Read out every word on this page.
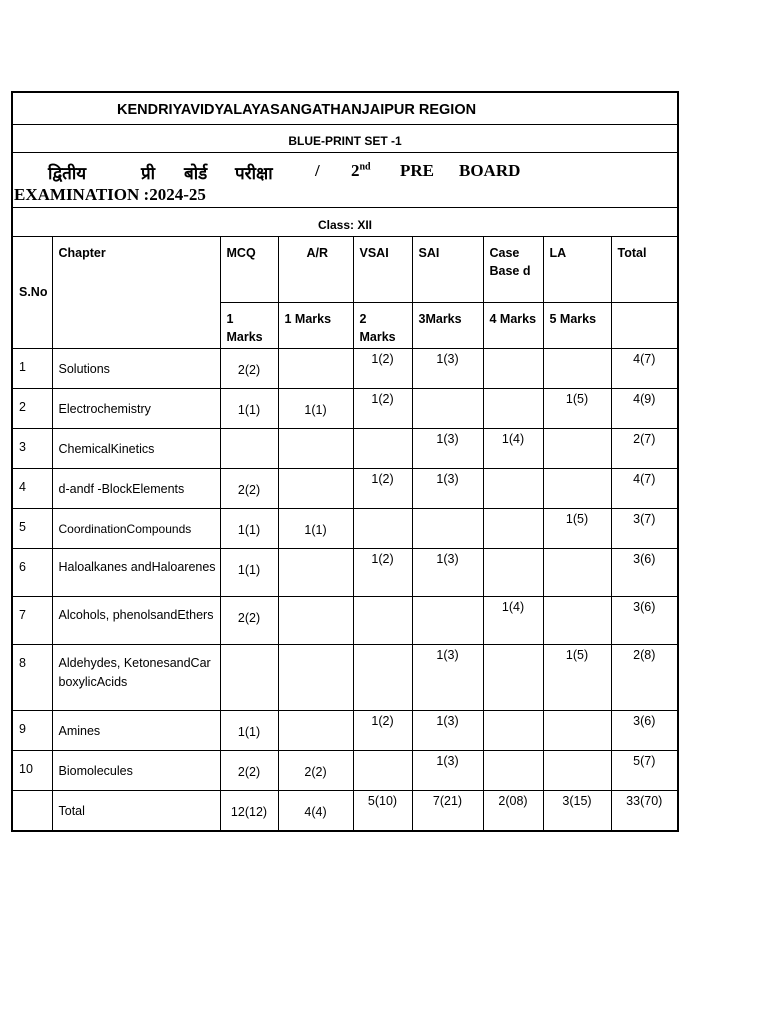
KENDRIYAVIDYALAYASANGATHANJAIPUR REGION
BLUE-PRINT SET -1
द्वितीय	प्री बोर्ड परीक्षा / 2nd PRE BOARD
EXAMINATION :2024-25
Class: XII
S.No	Chapter	MCQ	A/R	VSAI	SAI	Case Base d	LA	Total
		1 Marks	1 Marks	2 Marks	3Marks	4 Marks	5 Marks	
1	Solutions	2(2)		1(2)	1(3)			4(7)
2	Electrochemistry	1(1)	1(1)	1(2)			1(5)	4(9)
3	ChemicalKinetics				1(3)	1(4)		2(7)
4	d-andf -BlockElements	2(2)		1(2)	1(3)			4(7)
5	CoordinationCompounds	1(1)	1(1)				1(5)	3(7)
6	Haloalkanes andHaloarenes	1(1)		1(2)	1(3)			3(6)
7	Alcohols, phenolsandEthers	2(2)				1(4)		3(6)
8	Aldehydes, KetonesandCarboxylicAcids				1(3)		1(5)	2(8)
9	Amines	1(1)		1(2)	1(3)			3(6)
10	Biomolecules	2(2)	2(2)		1(3)			5(7)
	Total	12(12)	4(4)	5(10)	7(21)	2(08)	3(15)	33(70)
